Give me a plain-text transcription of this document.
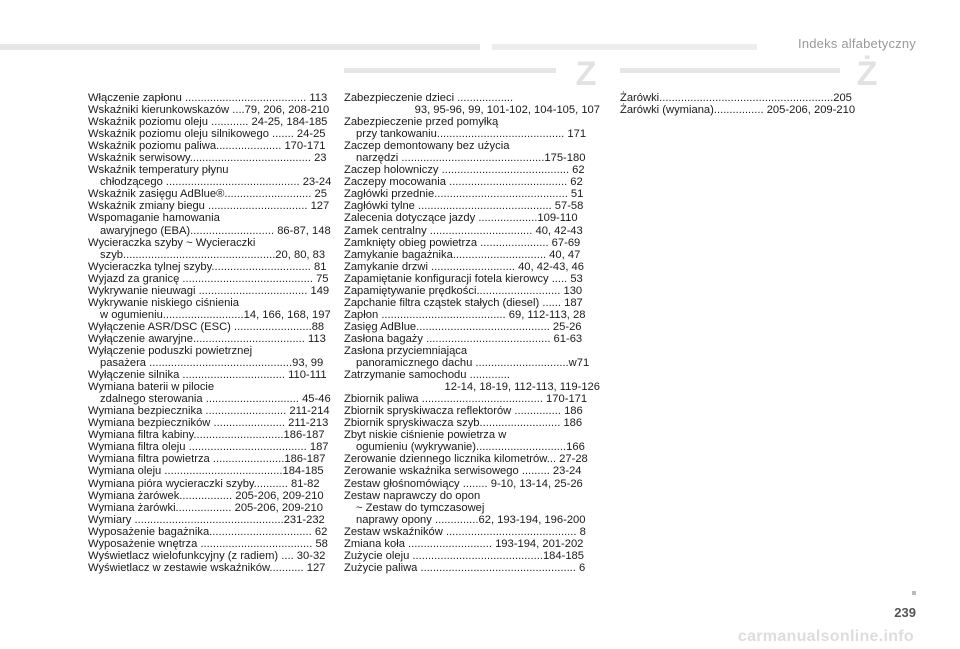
Indeks alfabetyczny
Z	Ż
Włączenie zapłonu ....................................... 113
Wskaźniki kierunkowskazów ....79, 206, 208-210
Wskaźnik poziomu oleju ............ 24-25, 184-185
Wskaźnik poziomu oleju silnikowego ....... 24-25
Wskaźnik poziomu paliwa..................... 170-171
Wskaźnik serwisowy....................................... 23
Wskaźnik temperatury płynu
chłodzącego ........................................... 23-24
Wskaźnik zasięgu AdBlue®............................ 25
Wskaźnik zmiany biegu ................................ 127
Wspomaganie hamowania
awaryjnego (EBA)........................... 86-87, 148
Wycieraczka szyby ~ Wycieraczki
szyb.................................................20, 80, 83
Wycieraczka tylnej szyby................................ 81
Wyjazd za granicę .......................................... 75
Wykrywanie nieuwagi ................................... 149
Wykrywanie niskiego ciśnienia
w ogumieniu..........................14, 166, 168, 197
Wyłączenie ASR/DSC (ESC) .........................88
Wyłączenie awaryjne.................................... 113
Wyłączenie poduszki powietrznej
pasażera ..............................................93, 99
Wyłączenie silnika ................................. 110-111
Wymiana baterii w pilocie
zdalnego sterowania .............................. 45-46
Wymiana bezpiecznika .......................... 211-214
Wymiana bezpieczników ....................... 211-213
Wymiana filtra kabiny.............................186-187
Wymiana filtra oleju ...................................... 187
Wymiana filtra powietrza .......................186-187
Wymiana oleju ......................................184-185
Wymiana pióra wycieraczki szyby........... 81-82
Wymiana żarówek................. 205-206, 209-210
Wymiana żarówki.................. 205-206, 209-210
Wymiary ................................................231-232
Wyposażenie bagażnika................................. 62
Wyposażenie wnętrza .................................... 58
Wyświetlacz wielofunkcyjny (z radiem) .... 30-32
Wyświetlacz w zestawie wskaźników........... 127
Zabezpieczenie dzieci ..................
93, 95-96, 99, 101-102, 104-105, 107
Zabezpieczenie przed pomyłką
przy tankowaniu......................................... 171
Zaczep demontowany bez użycia
narzędzi ..............................................175-180
Zaczep holowniczy ......................................... 62
Zaczepy mocowania ...................................... 62
Zagłówki przednie........................................... 51
Zagłówki tylne ........................................... 57-58
Zalecenia dotyczące jazdy ...................109-110
Zamek centralny ................................. 40, 42-43
Zamknięty obieg powietrza ...................... 67-69
Zamykanie bagażnika.............................. 40, 47
Zamykanie drzwi ........................... 40, 42-43, 46
Zapamiętanie konfiguracji fotela kierowcy ..... 53
Zapamiętywanie prędkości........................... 130
Zapchanie filtra cząstek stałych (diesel) ...... 187
Zapłon ........................................ 69, 112-113, 28
Zasięg AdBlue........................................... 25-26
Zasłona bagaży ........................................ 61-63
Zasłona przyciemniająca
panoramicznego dachu ..............................w71
Zatrzymanie samochodu .............
12-14, 18-19, 112-113, 119-126
Zbiornik paliwa ....................................... 170-171
Zbiornik spryskiwacza reflektorów ............... 186
Zbiornik spryskiwacza szyb.......................... 186
Zbyt niskie ciśnienie powietrza w
ogumieniu (wykrywanie).............................166
Zerowanie dziennego licznika kilometrów... 27-28
Zerowanie wskaźnika serwisowego ......... 23-24
Zestaw głośnomówiący ........ 9-10, 13-14, 25-26
Zestaw naprawczy do opon
~ Zestaw do tymczasowej
naprawy opony ..............62, 193-194, 196-200
Zestaw wskaźników .......................................... 8
Zmiana koła ........................... 193-194, 201-202
Zużycie oleju ..........................................184-185
Zużycie paliwa .................................................. 6
Żarówki........................................................205
Żarówki (wymiana)................ 205-206, 209-210
239
carmanualsonline.info
